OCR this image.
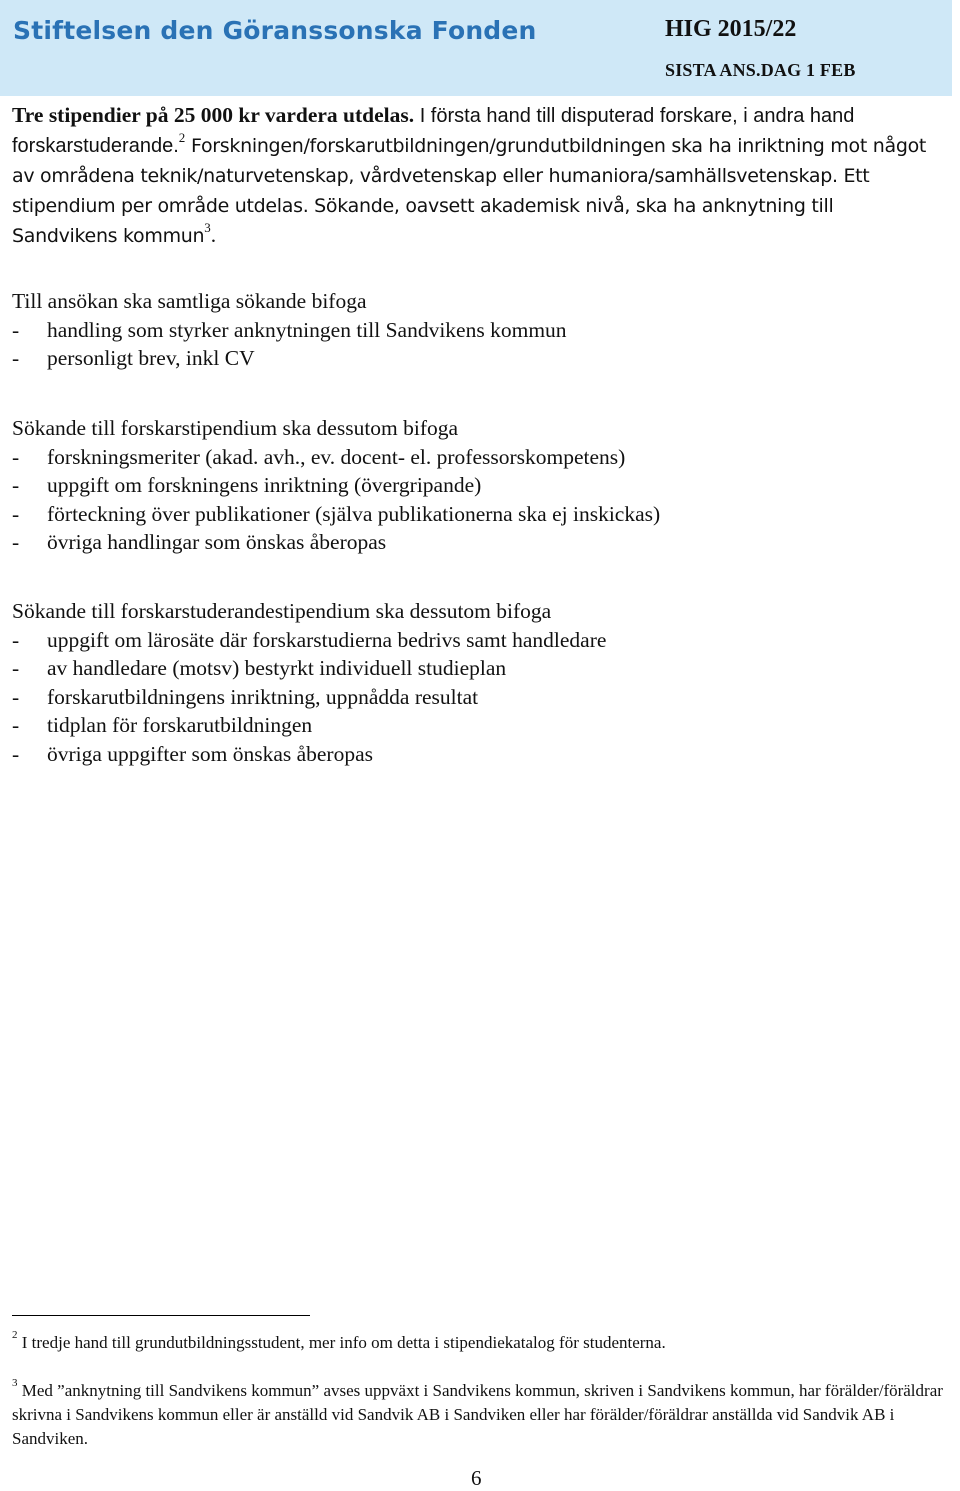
Stiftelsen den Göranssonska Fonden	HIG 2015/22
SISTA ANS.DAG 1 FEB

Tre stipendier på 25 000 kr vardera utdelas. I första hand till disputerad forskare, i andra hand forskarstuderande.$^2$ Forskningen/forskarutbildningen/grundutbildningen ska ha inriktning mot något av områdena teknik/naturvetenskap, vårdvetenskap eller humaniora/samhällsvetenskap. Ett stipendium per område utdelas. Sökande, oavsett akademisk nivå, ska ha anknytning till Sandvikens kommun$^3$.

Till ansökan ska samtliga sökande bifoga
- handling som styrker anknytningen till Sandvikens kommun
- personligt brev, inkl CV
Sökande till forskarstipendium ska dessutom bifoga
- forskningsmeriter (akad. avh., ev. docent- el. professorskompetens)
- uppgift om forskningens inriktning (övergripande)
- förteckning över publikationer (själva publikationerna ska ej inskickas)
- övriga handlingar som önskas åberopas
Sökande till forskarstuderandestipendium ska dessutom bifoga
- uppgift om lärosäte där forskarstudierna bedrivs samt handledare
- av handledare (motsv) bestyrkt individuell studieplan
- forskarutbildningens inriktning, uppnådda resultat
- tidplan för forskarutbildningen
- övriga uppgifter som önskas åberopas
$^2$ I tredje hand till grundutbildningsstudent, mer info om detta i stipendiekatalog för studenterna.
$^3$ Med ”anknytning till Sandvikens kommun” avses uppväxt i Sandvikens kommun, skriven i Sandvikens kommun, har förälder/föräldrar skrivna i Sandvikens kommun eller är anställd vid Sandvik AB i Sandviken eller har förälder/föräldrar anställda vid Sandvik AB i Sandviken.
6
